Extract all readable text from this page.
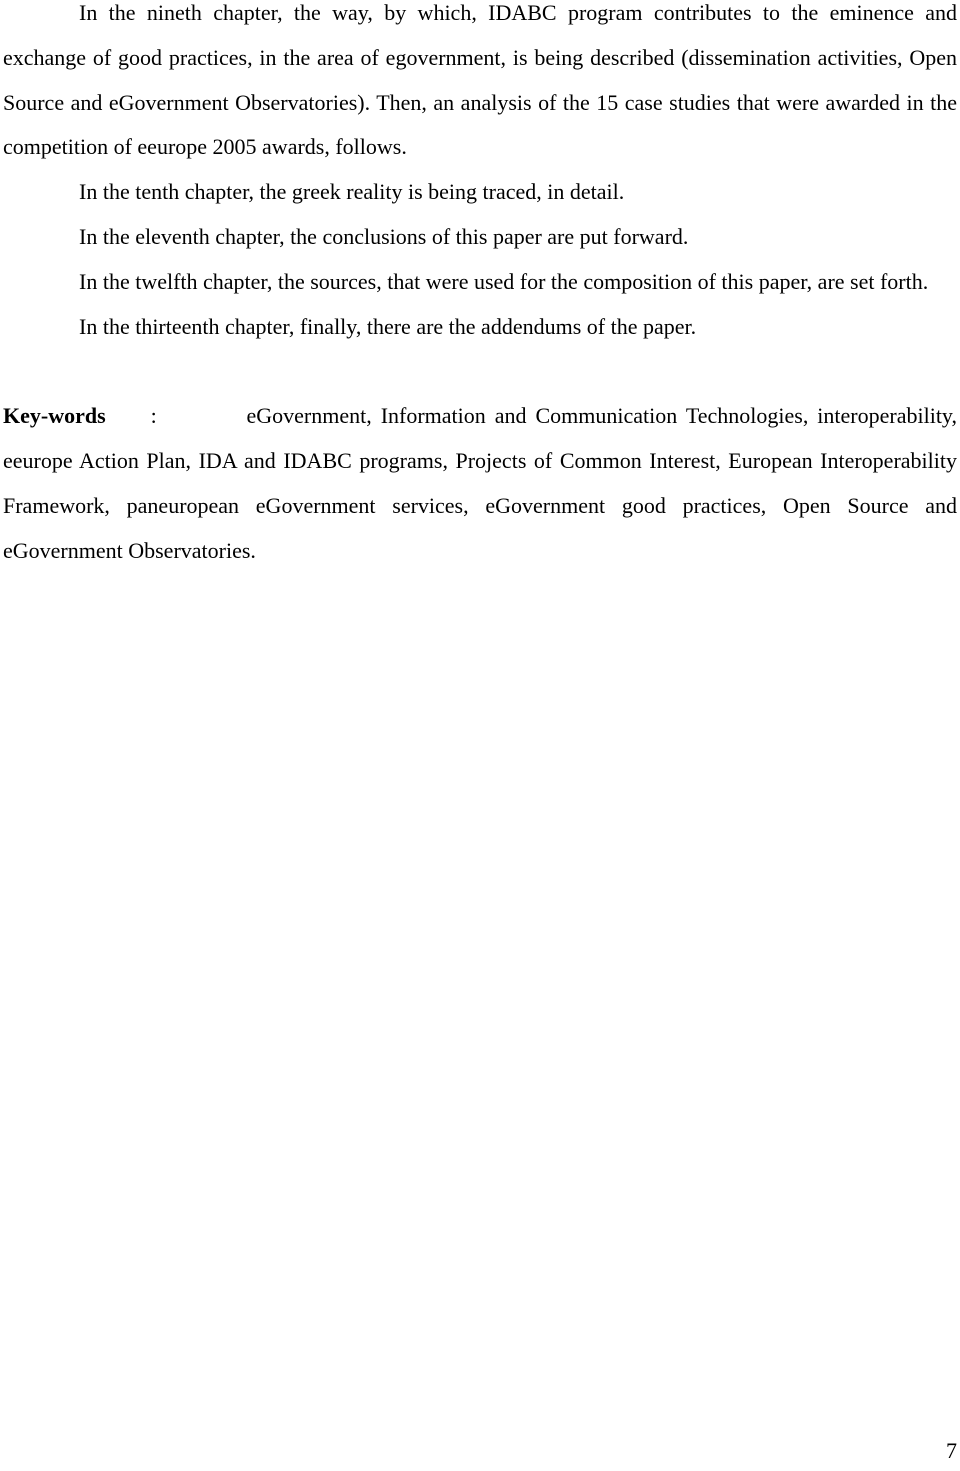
In the nineth chapter, the way, by which, IDABC program contributes to the eminence and exchange of good practices, in the area of egovernment, is being described (dissemination activities, Open Source and eGovernment Observatories). Then, an analysis of the 15 case studies that were awarded in the competition of eeurope 2005 awards, follows.

In the tenth chapter, the greek reality is being traced, in detail.

In the eleventh chapter, the conclusions of this paper are put forward.

In the twelfth chapter, the sources, that were used for the composition of this paper, are set forth.

In the thirteenth chapter, finally, there are the addendums of the paper.

Key-words :	eGovernment, Information and Communication Technologies, interoperability, eeurope Action Plan, IDA and IDABC programs, Projects of Common Interest, European Interoperability Framework, paneuropean eGovernment services, eGovernment good practices, Open Source and eGovernment Observatories.

7
